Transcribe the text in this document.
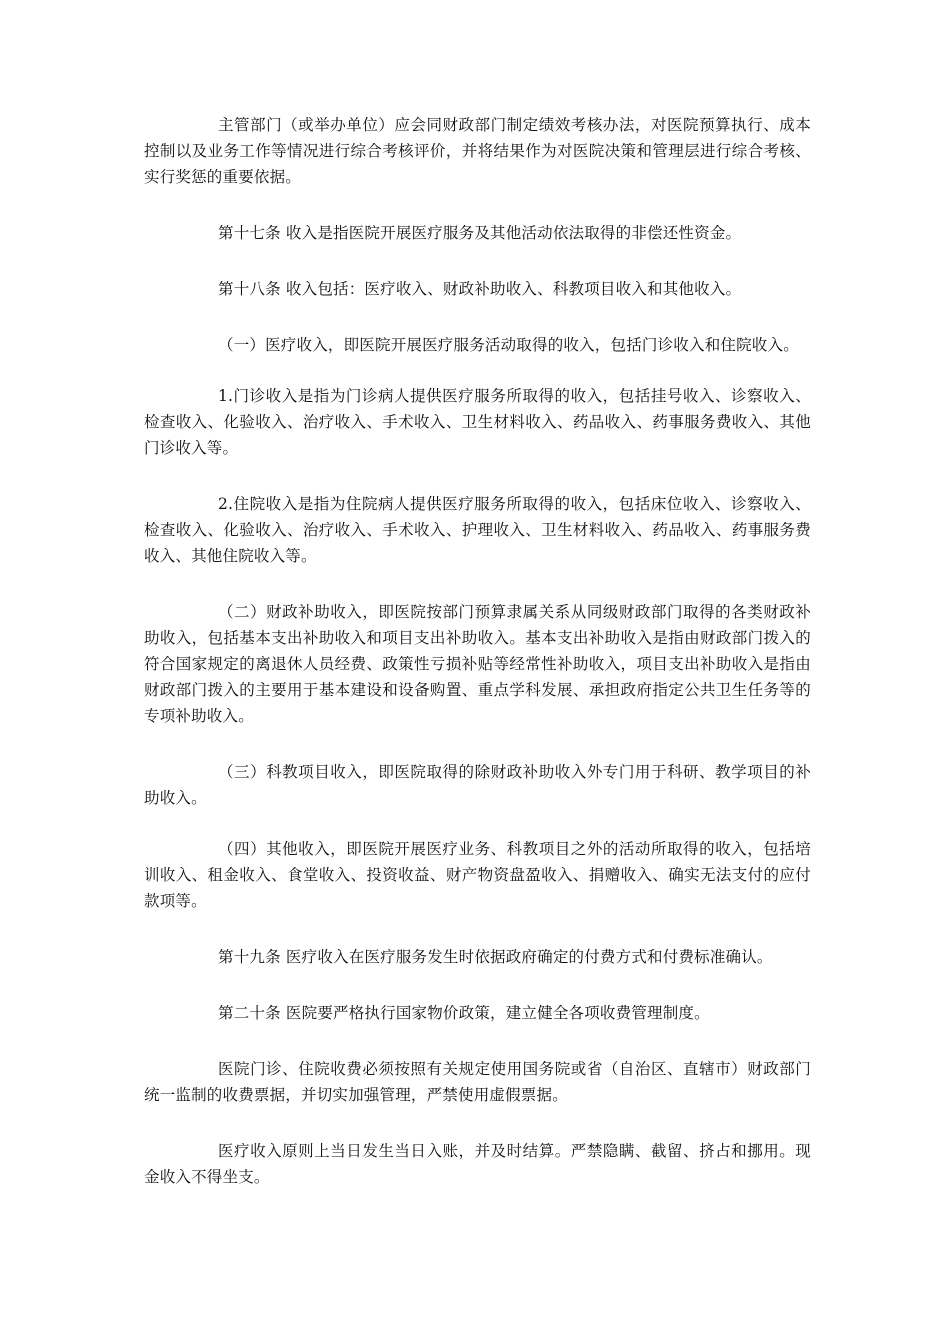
主管部门（或举办单位）应会同财政部门制定绩效考核办法，对医院预算执行、成本控制以及业务工作等情况进行综合考核评价，并将结果作为对医院决策和管理层进行综合考核、实行奖惩的重要依据。

第十七条 收入是指医院开展医疗服务及其他活动依法取得的非偿还性资金。

第十八条 收入包括：医疗收入、财政补助收入、科教项目收入和其他收入。

（一）医疗收入，即医院开展医疗服务活动取得的收入，包括门诊收入和住院收入。

1.门诊收入是指为门诊病人提供医疗服务所取得的收入，包括挂号收入、诊察收入、检查收入、化验收入、治疗收入、手术收入、卫生材料收入、药品收入、药事服务费收入、其他门诊收入等。

2.住院收入是指为住院病人提供医疗服务所取得的收入，包括床位收入、诊察收入、检查收入、化验收入、治疗收入、手术收入、护理收入、卫生材料收入、药品收入、药事服务费收入、其他住院收入等。

（二）财政补助收入，即医院按部门预算隶属关系从同级财政部门取得的各类财政补助收入，包括基本支出补助收入和项目支出补助收入。基本支出补助收入是指由财政部门拨入的符合国家规定的离退休人员经费、政策性亏损补贴等经常性补助收入，项目支出补助收入是指由财政部门拨入的主要用于基本建设和设备购置、重点学科发展、承担政府指定公共卫生任务等的专项补助收入。

（三）科教项目收入，即医院取得的除财政补助收入外专门用于科研、教学项目的补助收入。

（四）其他收入，即医院开展医疗业务、科教项目之外的活动所取得的收入，包括培训收入、租金收入、食堂收入、投资收益、财产物资盘盈收入、捐赠收入、确实无法支付的应付款项等。

第十九条 医疗收入在医疗服务发生时依据政府确定的付费方式和付费标准确认。

第二十条 医院要严格执行国家物价政策，建立健全各项收费管理制度。

医院门诊、住院收费必须按照有关规定使用国务院或省（自治区、直辖市）财政部门统一监制的收费票据，并切实加强管理，严禁使用虚假票据。

医疗收入原则上当日发生当日入账，并及时结算。严禁隐瞒、截留、挤占和挪用。现金收入不得坐支。
